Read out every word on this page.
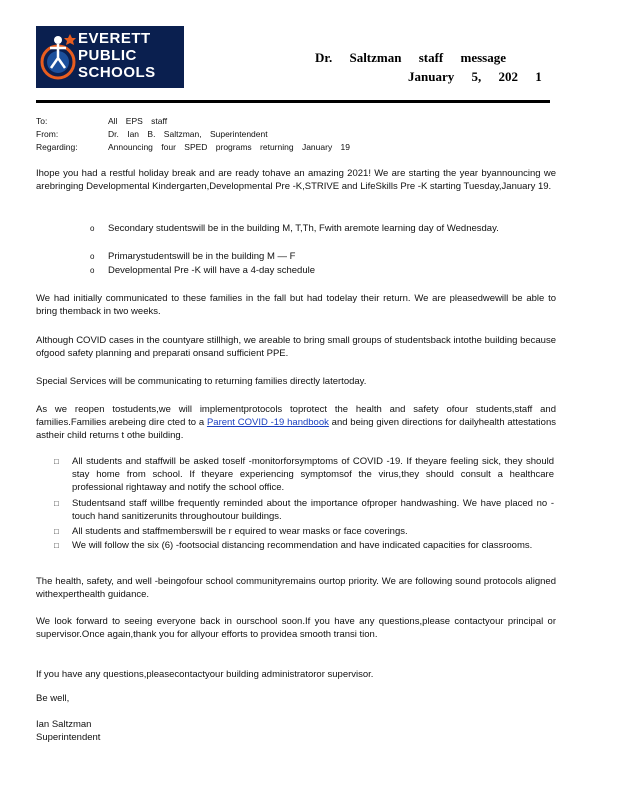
EVERETT
PUBLIC
SCHOOLS
Dr. Saltzman staff message
January 5, 202 1
To:	All EPS staff
From:	Dr. Ian B. Saltzman, Superintendent
Regarding:	Announcing four SPED programs returning January 19
Ihope you had a restful holiday break and are ready tohave an amazing 2021! We are starting the year byannouncing we arebringing Developmental Kindergarten,Developmental Pre -K,STRIVE and LifeSkills Pre -K starting Tuesday,January 19.
o Secondary studentswill be in the building M, T,Th, Fwith aremote learning day of Wednesday.
o Primarystudentswill be in the building M — F
o Developmental Pre -K will have a 4-day schedule
We had initially communicated to these families in the fall but had todelay their return. We are pleasedwewill be able to bring themback in two weeks.
Although COVID cases in the countyare stillhigh, we areable to bring small groups of studentsback intothe building because ofgood safety planning and preparati onsand sufficient PPE.
Special Services will be communicating to returning families directly latertoday.
As we reopen tostudents,we will implementprotocols toprotect the health and safety ofour students,staff and families.Families arebeing dire cted to a Parent COVID -19 handbook and being given directions for dailyhealth attestations astheir child returns t othe building.
□ All students and staffwill be asked toself -monitorforsymptoms of COVID -19. If theyare feeling sick, they should stay home from school. If theyare experiencing symptomsof the virus,they should consult a healthcare professional rightaway and notify the school office.
□ Studentsand staff willbe frequently reminded about the importance ofproper handwashing. We have placed no -touch hand sanitizerunits throughoutour buildings.
□ All students and staffmemberswill be r equired to wear masks or face coverings.
□ We will follow the six (6) -footsocial distancing recommendation and have indicated capacities for classrooms.
The health, safety, and well -beingofour school communityremains ourtop priority. We are following sound protocols aligned withexperthealth guidance.
We look forward to seeing everyone back in ourschool soon.If you have any questions,please contactyour principal or supervisor.Once again,thank you for allyour efforts to providea smooth transi tion.
If you have any questions,pleasecontactyour building administratoror supervisor.
Be well,
Ian Saltzman
Superintendent
